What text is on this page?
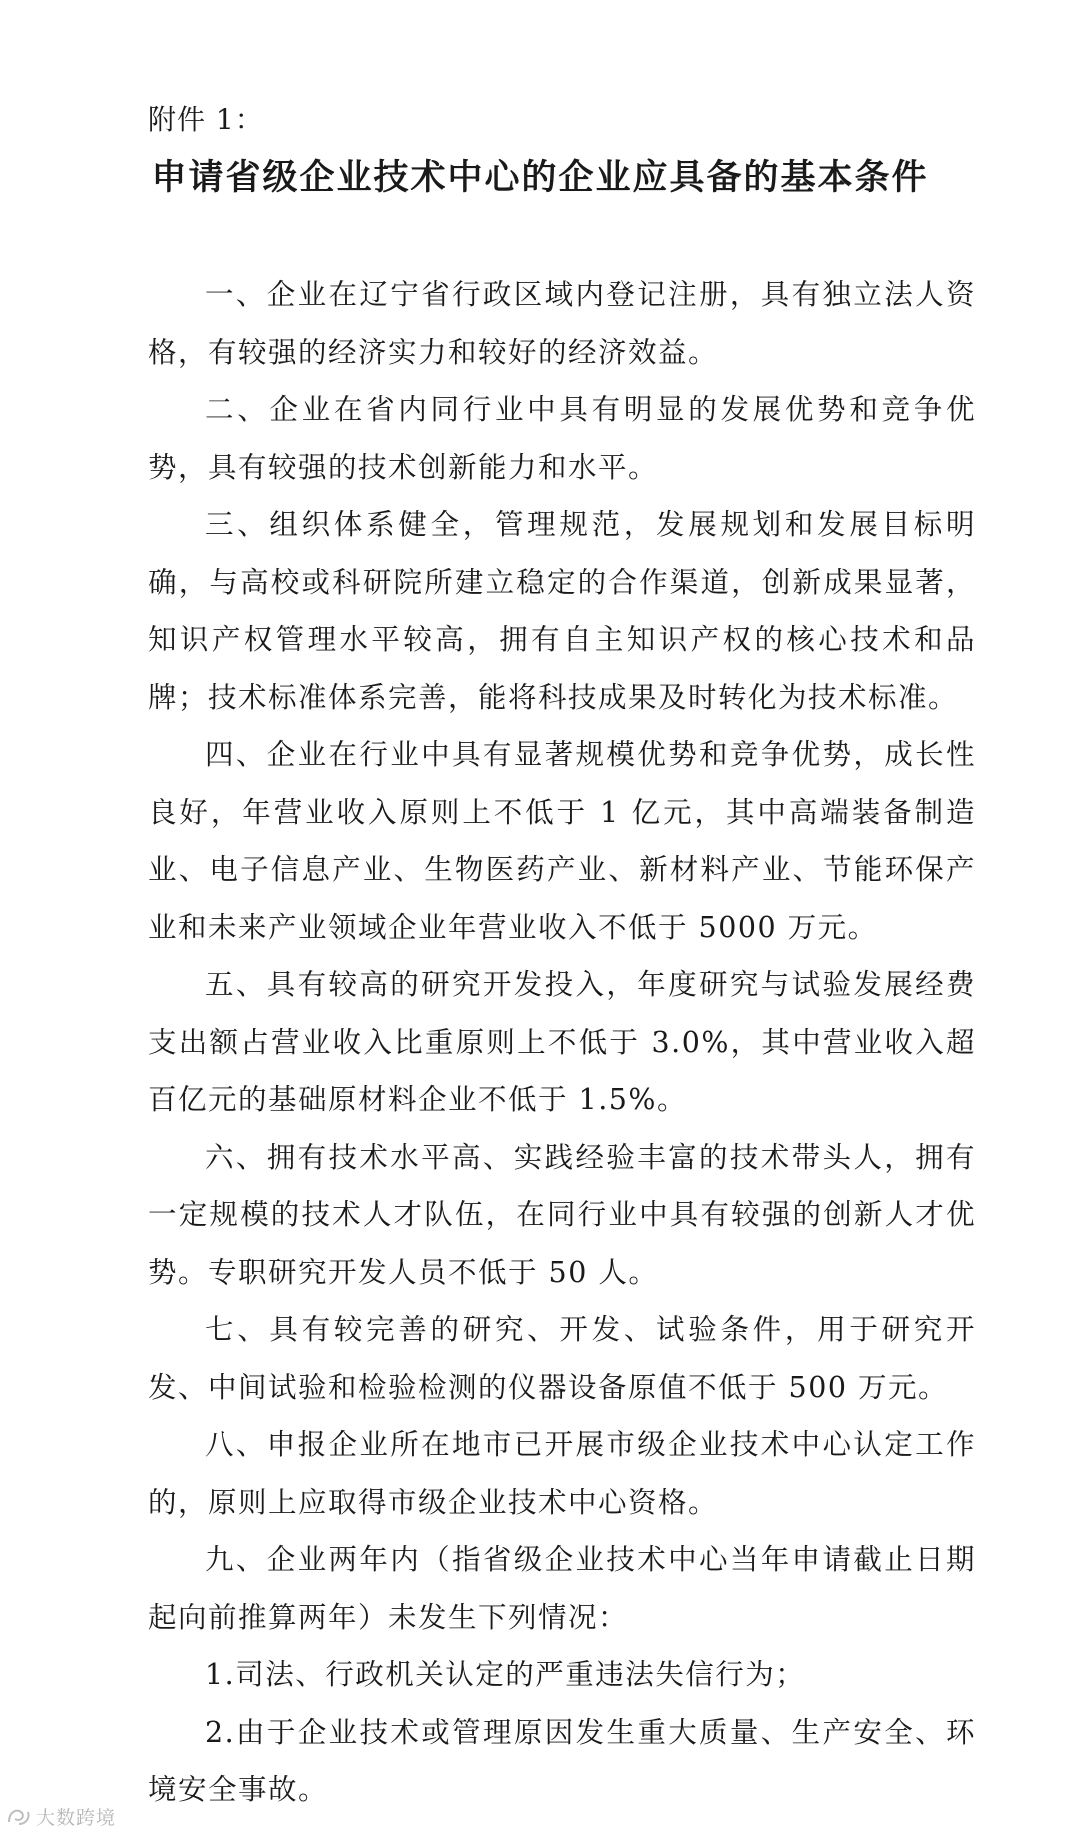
附件 1：
申请省级企业技术中心的企业应具备的基本条件

一、企业在辽宁省行政区域内登记注册，具有独立法人资格，有较强的经济实力和较好的经济效益。

二、企业在省内同行业中具有明显的发展优势和竞争优势，具有较强的技术创新能力和水平。

三、组织体系健全，管理规范，发展规划和发展目标明确，与高校或科研院所建立稳定的合作渠道，创新成果显著，知识产权管理水平较高，拥有自主知识产权的核心技术和品牌；技术标准体系完善，能将科技成果及时转化为技术标准。

四、企业在行业中具有显著规模优势和竞争优势，成长性良好，年营业收入原则上不低于 1 亿元，其中高端装备制造业、电子信息产业、生物医药产业、新材料产业、节能环保产业和未来产业领域企业年营业收入不低于 5000 万元。

五、具有较高的研究开发投入，年度研究与试验发展经费支出额占营业收入比重原则上不低于 3.0%，其中营业收入超百亿元的基础原材料企业不低于 1.5%。

六、拥有技术水平高、实践经验丰富的技术带头人，拥有一定规模的技术人才队伍，在同行业中具有较强的创新人才优势。专职研究开发人员不低于 50 人。

七、具有较完善的研究、开发、试验条件，用于研究开发、中间试验和检验检测的仪器设备原值不低于 500 万元。

八、申报企业所在地市已开展市级企业技术中心认定工作的，原则上应取得市级企业技术中心资格。

九、企业两年内（指省级企业技术中心当年申请截止日期起向前推算两年）未发生下列情况：

1.司法、行政机关认定的严重违法失信行为；

2.由于企业技术或管理原因发生重大质量、生产安全、环境安全事故。

大数跨境
